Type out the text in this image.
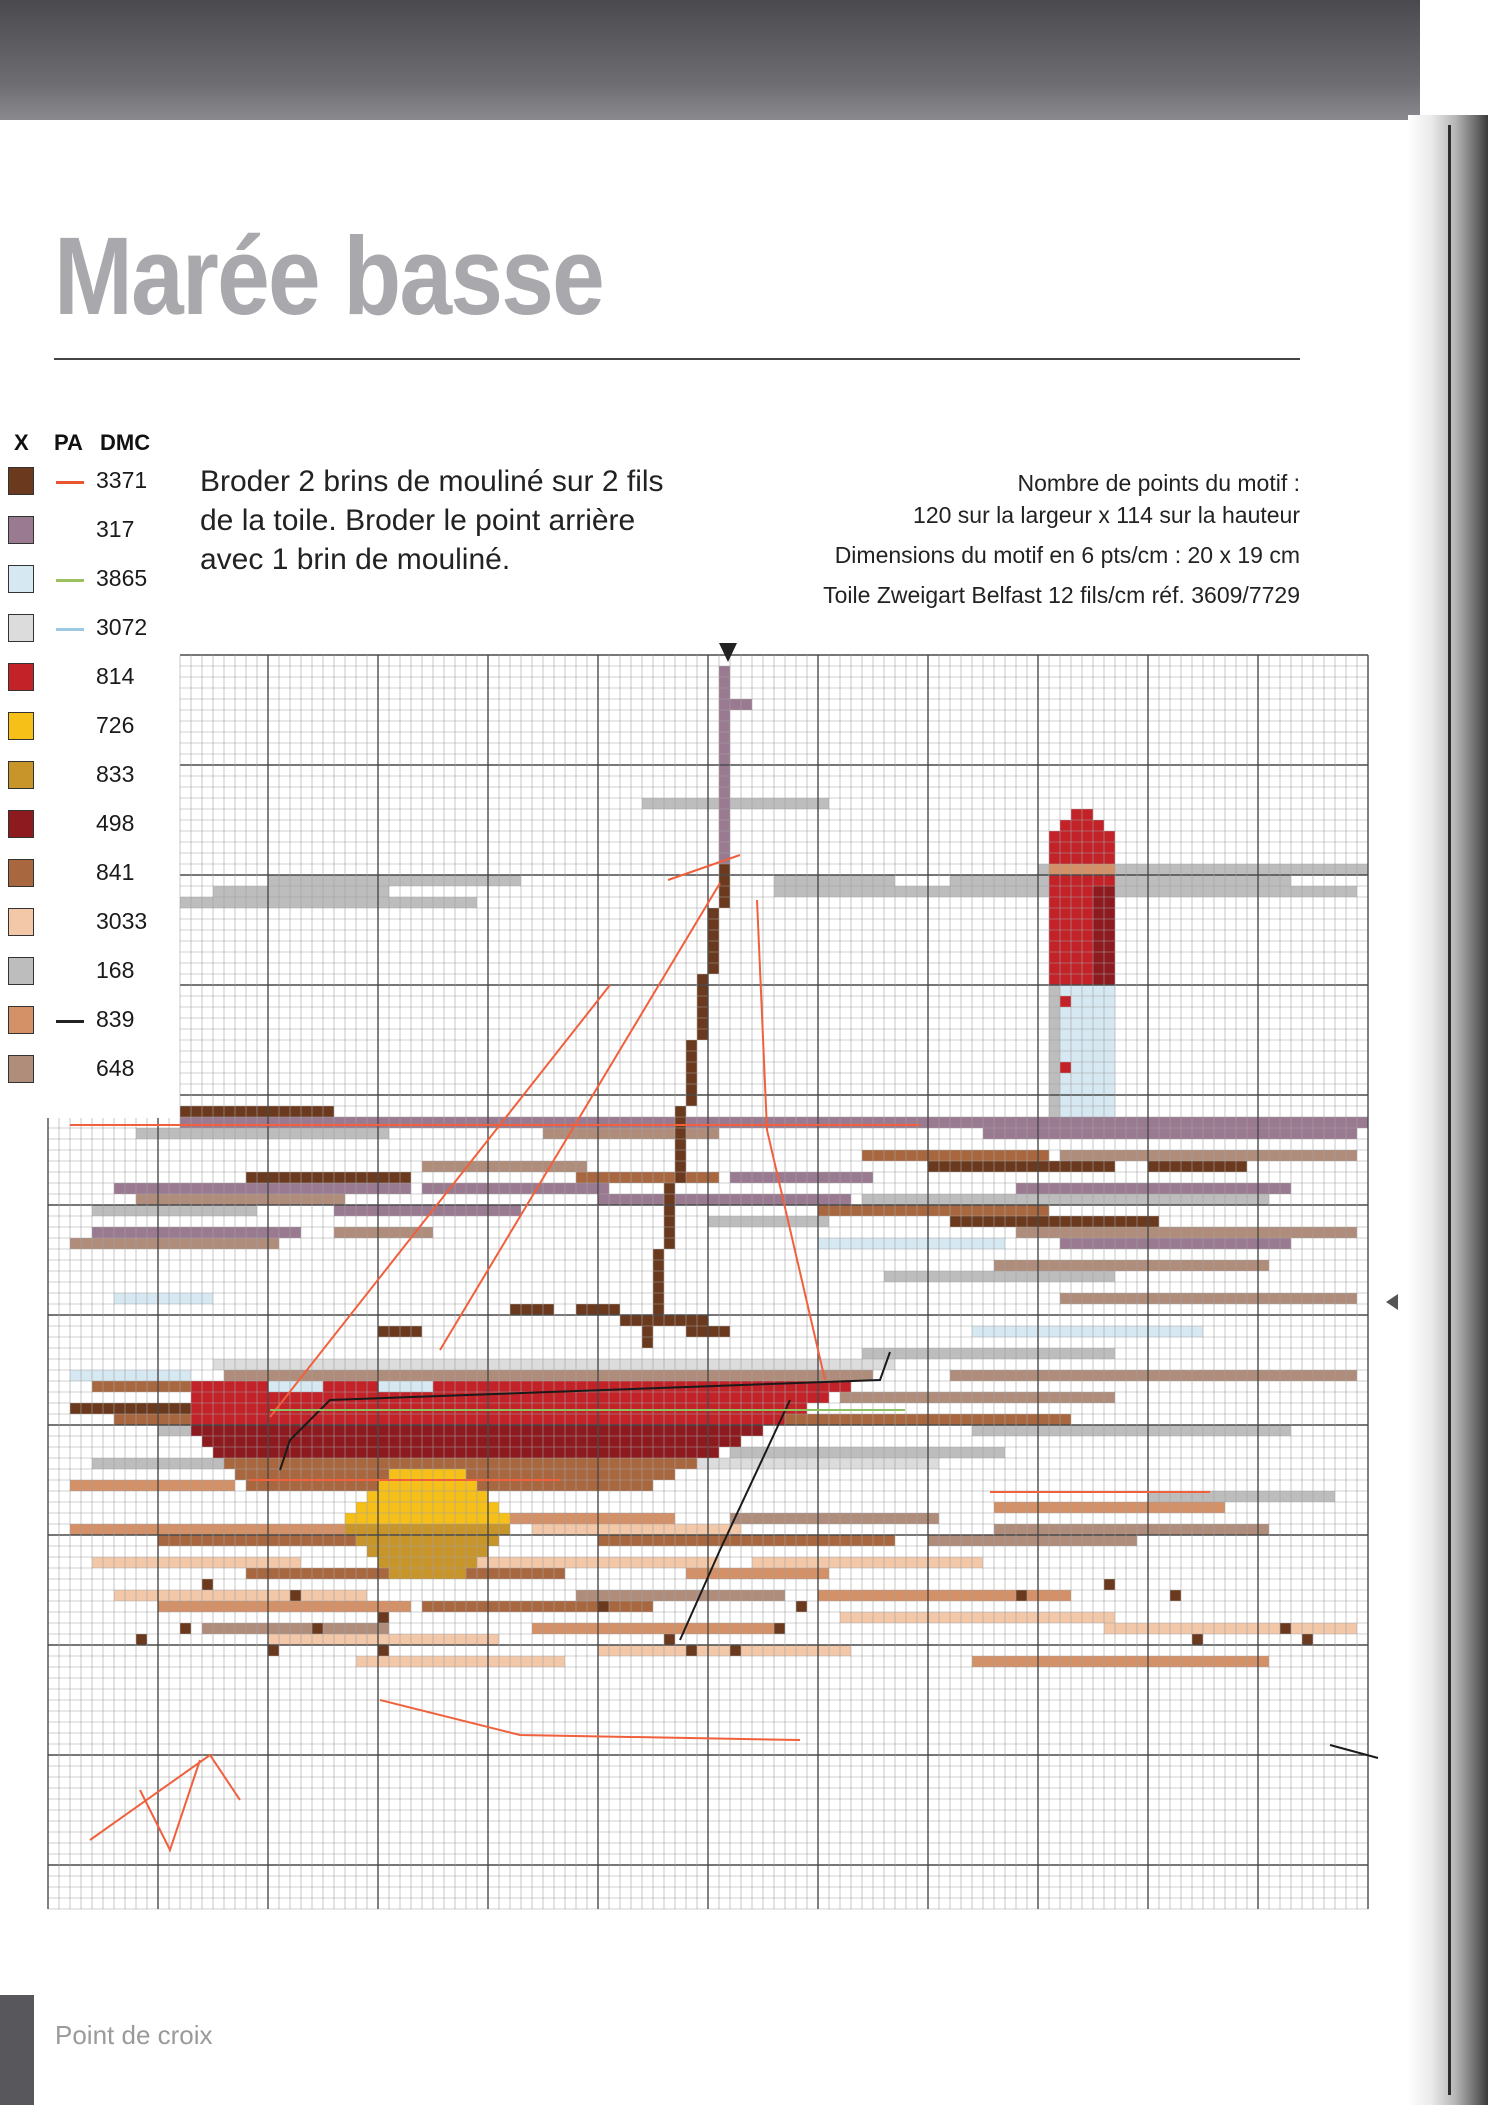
Marée basse
X PA DMC
3371
317
3865
3072
814
726
833
498
841
3033
168
839
648
Broder 2 brins de mouliné sur 2 fils de la toile. Broder le point arrière avec 1 brin de mouliné.
Nombre de points du motif :
120 sur la largeur x 114 sur la hauteur
Dimensions du motif en 6 pts/cm : 20 x 19 cm
Toile Zweigart Belfast 12 fils/cm réf. 3609/7729
Point de croix
